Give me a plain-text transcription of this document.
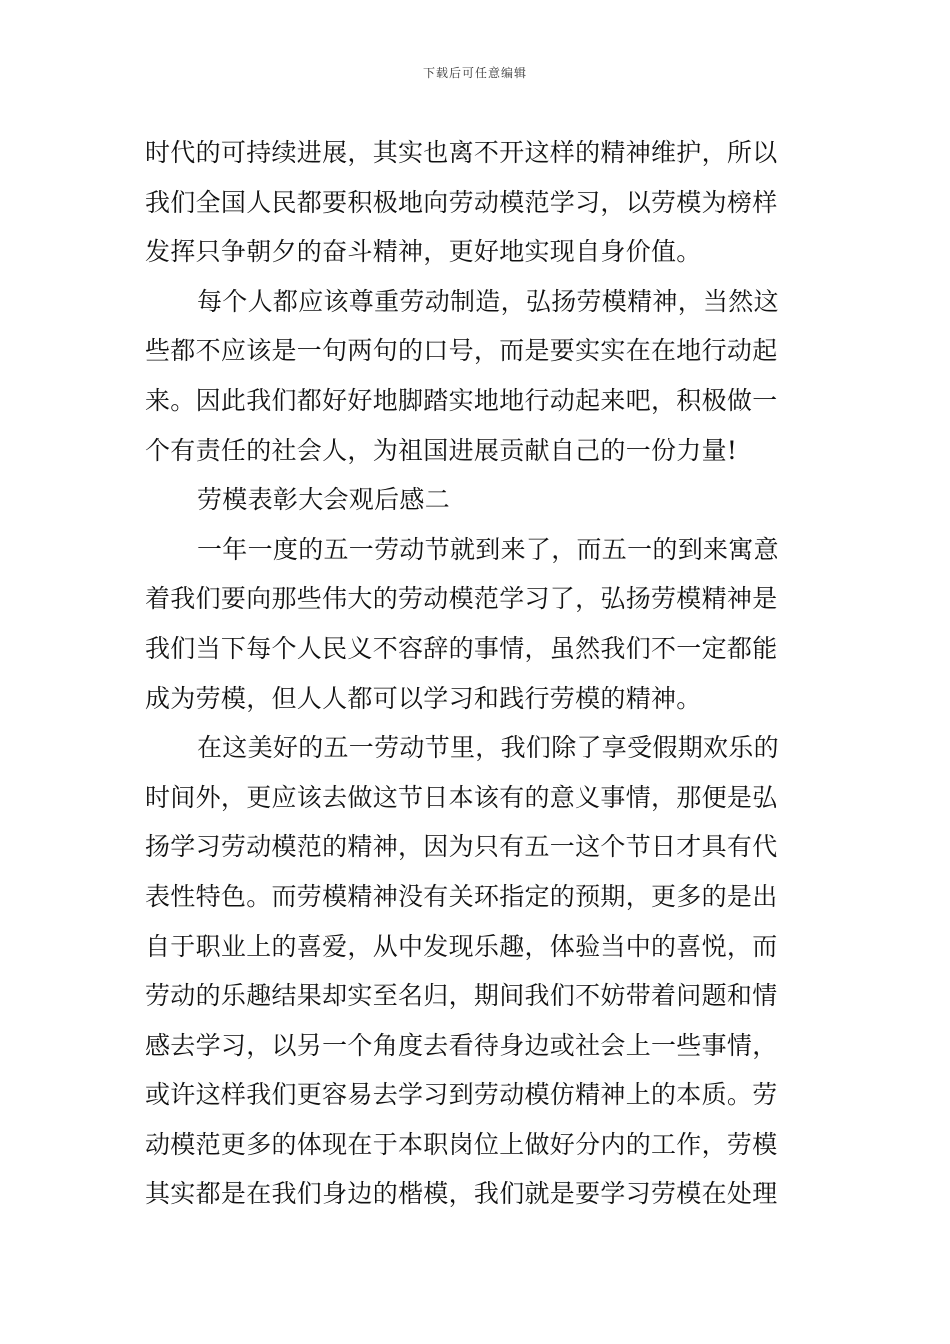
下载后可任意编辑
时代的可持续进展，其实也离不开这样的精神维护，所以
我们全国人民都要积极地向劳动模范学习，以劳模为榜样
发挥只争朝夕的奋斗精神，更好地实现自身价值。
每个人都应该尊重劳动制造，弘扬劳模精神，当然这
些都不应该是一句两句的口号，而是要实实在在地行动起
来。因此我们都好好地脚踏实地地行动起来吧，积极做一
个有责任的社会人，为祖国进展贡献自己的一份力量!
劳模表彰大会观后感二
一年一度的五一劳动节就到来了，而五一的到来寓意
着我们要向那些伟大的劳动模范学习了，弘扬劳模精神是
我们当下每个人民义不容辞的事情，虽然我们不一定都能
成为劳模，但人人都可以学习和践行劳模的精神。
在这美好的五一劳动节里，我们除了享受假期欢乐的
时间外，更应该去做这节日本该有的意义事情，那便是弘
扬学习劳动模范的精神，因为只有五一这个节日才具有代
表性特色。而劳模精神没有关环指定的预期，更多的是出
自于职业上的喜爱，从中发现乐趣，体验当中的喜悦，而
劳动的乐趣结果却实至名归，期间我们不妨带着问题和情
感去学习，以另一个角度去看待身边或社会上一些事情，
或许这样我们更容易去学习到劳动模仿精神上的本质。劳
动模范更多的体现在于本职岗位上做好分内的工作，劳模
其实都是在我们身边的楷模，我们就是要学习劳模在处理
